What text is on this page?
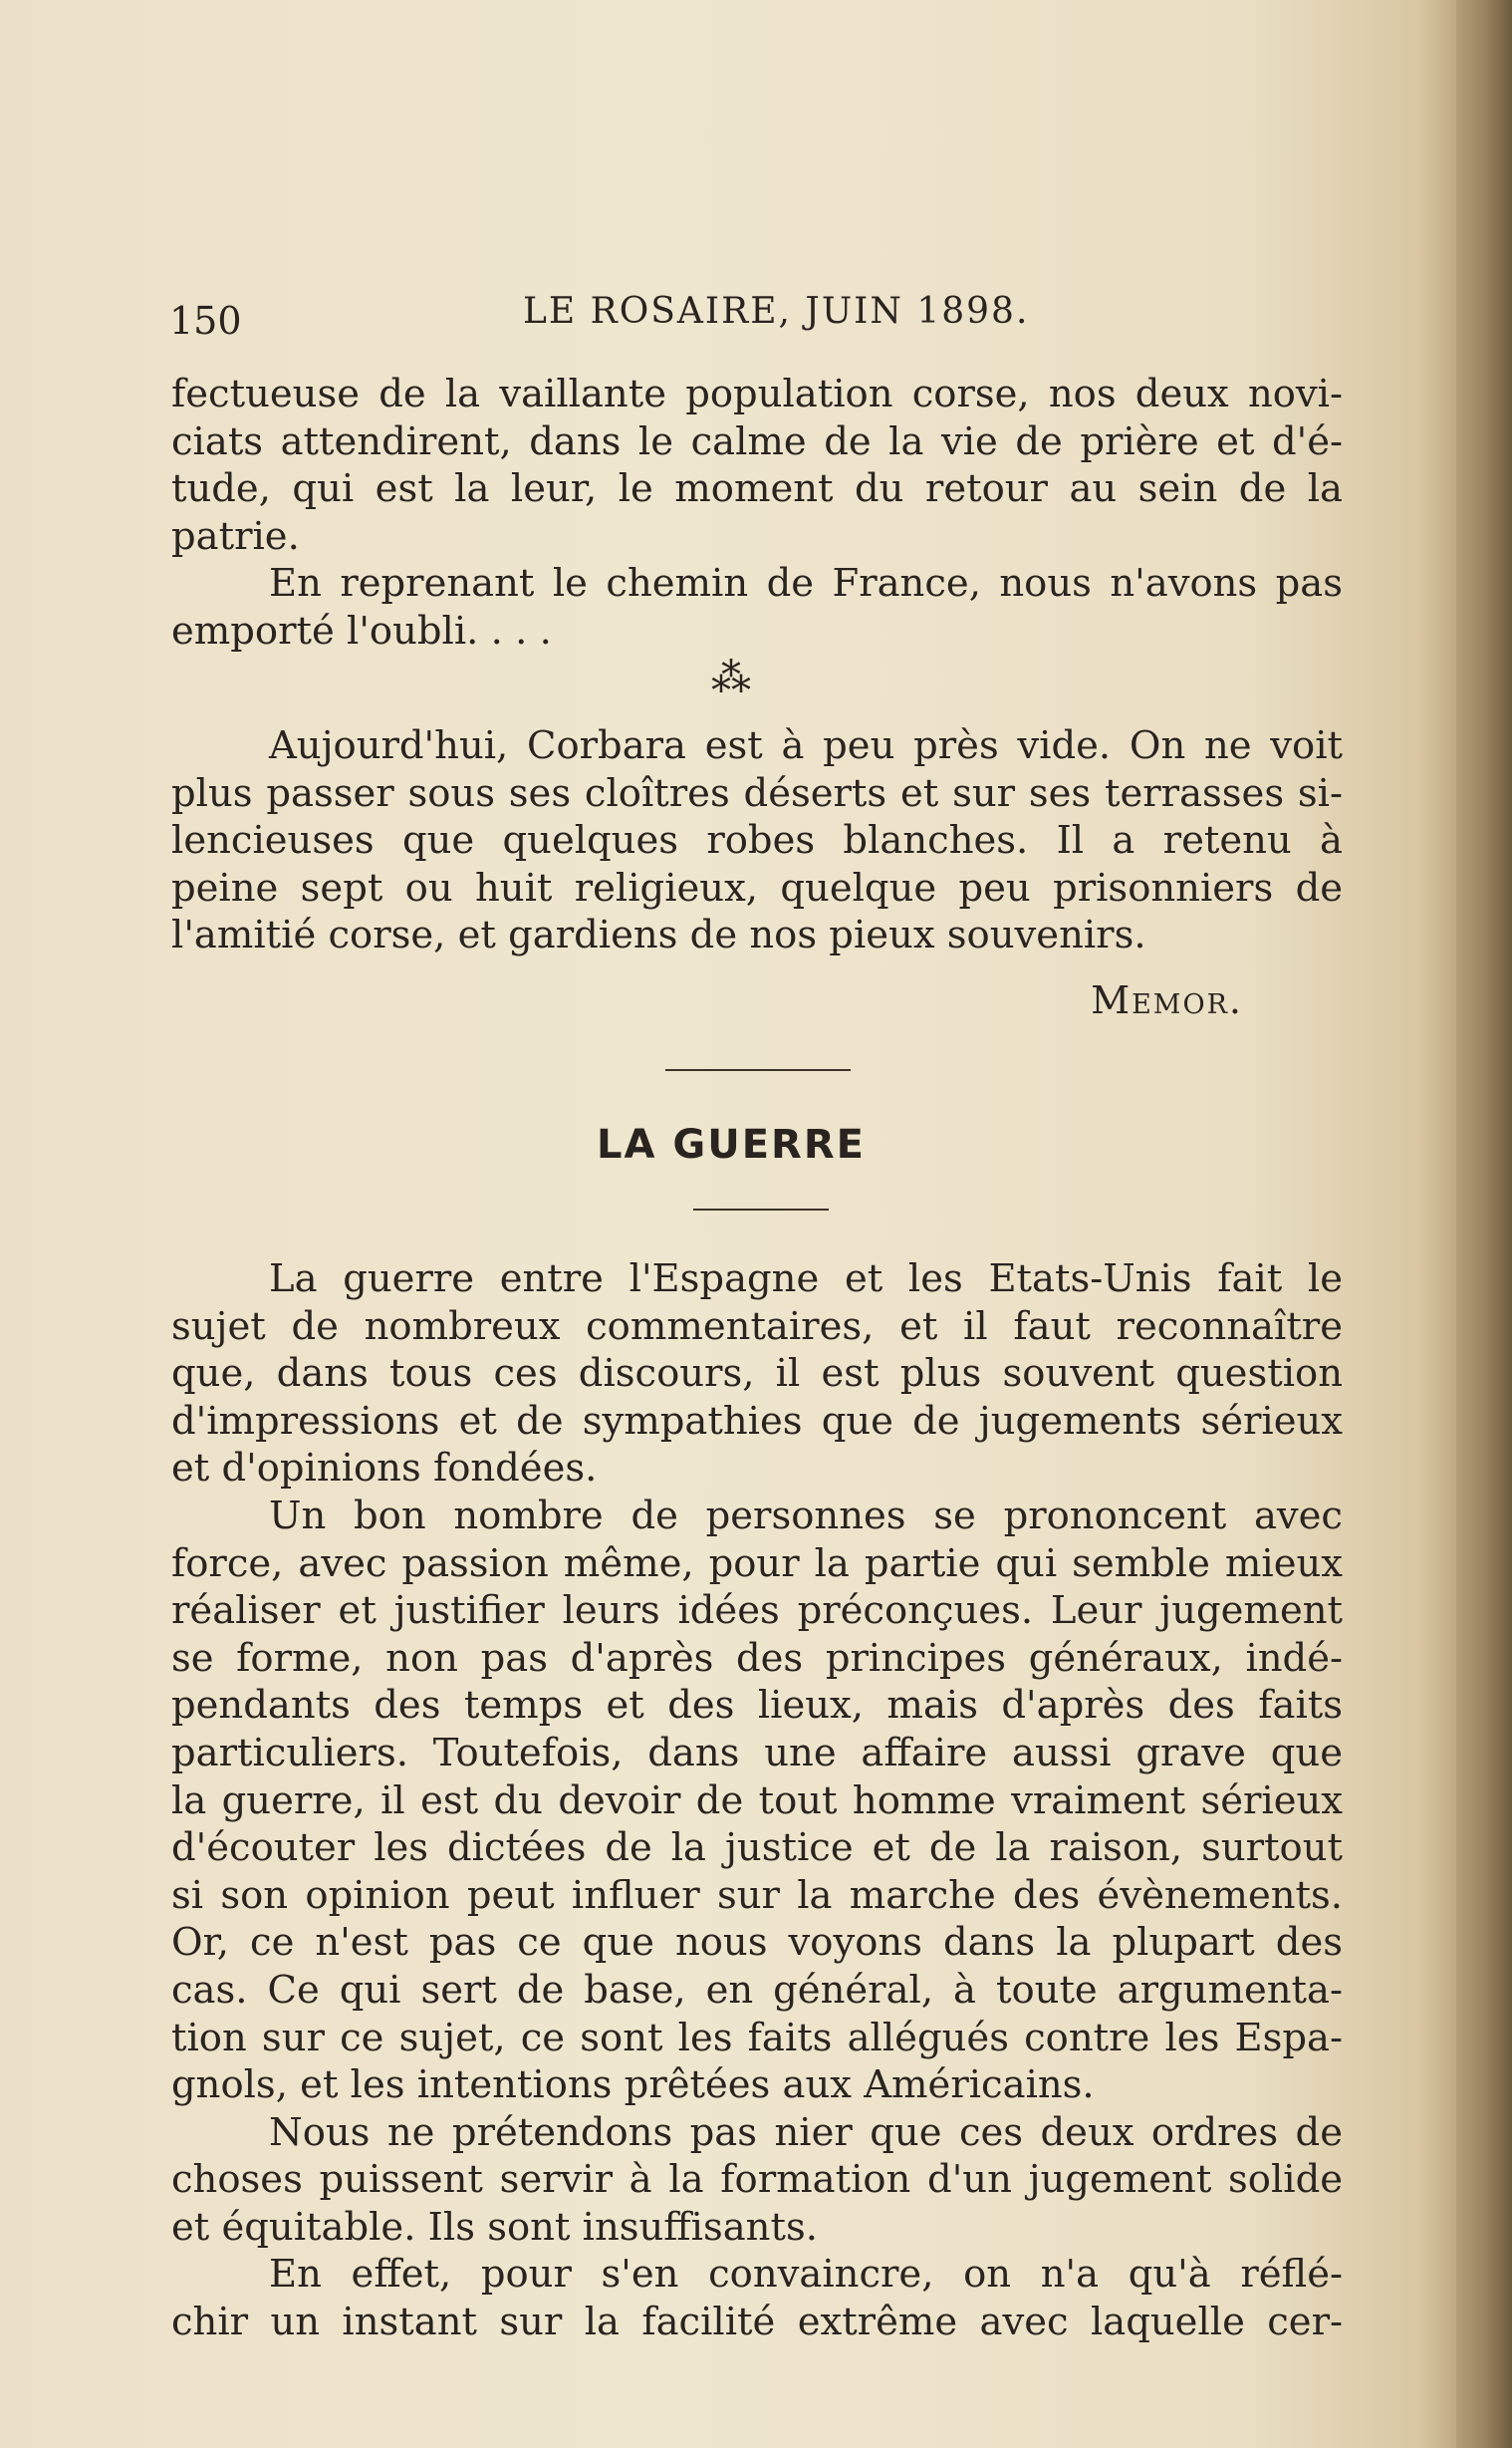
150	LE ROSAIRE, JUIN 1898.

fectueuse de la vaillante population corse, nos deux novi-

ciats attendirent, dans le calme de la vie de prière et d'é-

tude, qui est la leur, le moment du retour au sein de la

patrie.

En reprenant le chemin de France, nous n'avons pas

emporté l'oubli. . . .

⁂

Aujourd'hui, Corbara est à peu près vide. On ne voit

plus passer sous ses cloîtres déserts et sur ses terrasses si-

lencieuses que quelques robes blanches. Il a retenu à

peine sept ou huit religieux, quelque peu prisonniers de

l'amitié corse, et gardiens de nos pieux souvenirs.

Memor.
LA GUERRE

La guerre entre l'Espagne et les Etats-Unis fait le

sujet de nombreux commentaires, et il faut reconnaître

que, dans tous ces discours, il est plus souvent question

d'impressions et de sympathies que de jugements sérieux

et d'opinions fondées.

Un bon nombre de personnes se prononcent avec

force, avec passion même, pour la partie qui semble mieux

réaliser et justifier leurs idées préconçues. Leur jugement

se forme, non pas d'après des principes généraux, indé-

pendants des temps et des lieux, mais d'après des faits

particuliers. Toutefois, dans une affaire aussi grave que

la guerre, il est du devoir de tout homme vraiment sérieux

d'écouter les dictées de la justice et de la raison, surtout

si son opinion peut influer sur la marche des évènements.

Or, ce n'est pas ce que nous voyons dans la plupart des

cas. Ce qui sert de base, en général, à toute argumenta-

tion sur ce sujet, ce sont les faits allégués contre les Espa-

gnols, et les intentions prêtées aux Américains.

Nous ne prétendons pas nier que ces deux ordres de

choses puissent servir à la formation d'un jugement solide

et équitable. Ils sont insuffisants.

En effet, pour s'en convaincre, on n'a qu'à réflé-

chir un instant sur la facilité extrême avec laquelle cer-
